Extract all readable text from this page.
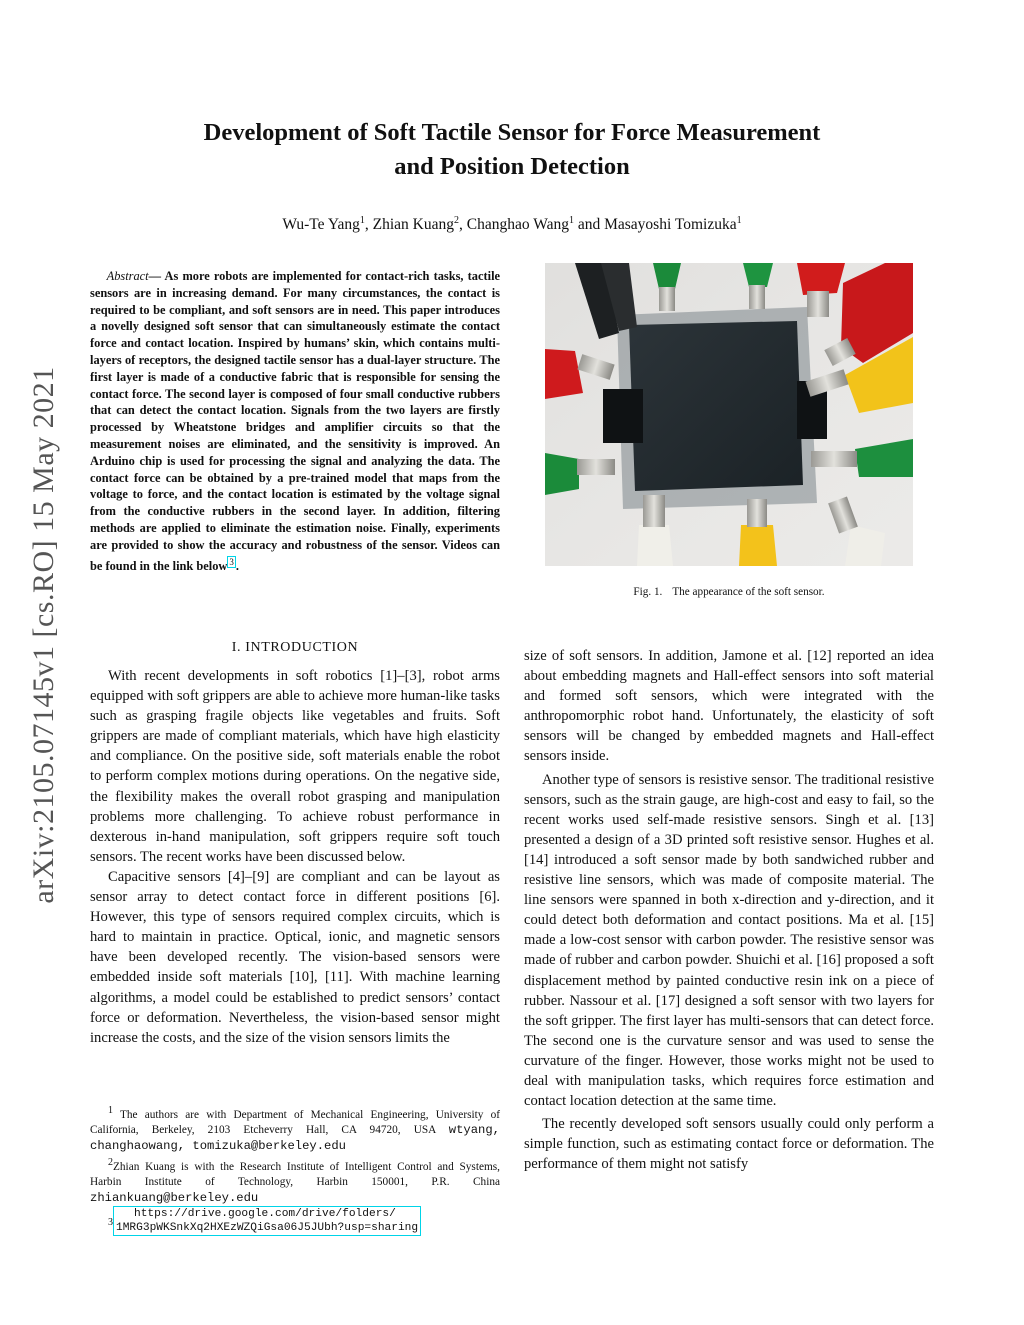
arXiv:2105.07145v1 [cs.RO] 15 May 2021
Development of Soft Tactile Sensor for Force Measurement
and Position Detection
Wu-Te Yang$^1$, Zhian Kuang$^2$, Changhao Wang$^1$ and Masayoshi Tomizuka$^1$
Abstract— As more robots are implemented for contact-rich tasks, tactile sensors are in increasing demand. For many circumstances, the contact is required to be compliant, and soft sensors are in need. This paper introduces a novelly designed soft sensor that can simultaneously estimate the contact force and contact location. Inspired by humans’ skin, which contains multi-layers of receptors, the designed tactile sensor has a dual-layer structure. The first layer is made of a conductive fabric that is responsible for sensing the contact force. The second layer is composed of four small conductive rubbers that can detect the contact location. Signals from the two layers are firstly processed by Wheatstone bridges and amplifier circuits so that the measurement noises are eliminated, and the sensitivity is improved. An Arduino chip is used for processing the signal and analyzing the data. The contact force can be obtained by a pre-trained model that maps from the voltage to force, and the contact location is estimated by the voltage signal from the conductive rubbers in the second layer. In addition, filtering methods are applied to eliminate the estimation noise. Finally, experiments are provided to show the accuracy and robustness of the sensor. Videos can be found in the link below $^3$ .
Fig. 1. The appearance of the soft sensor.
I. INTRODUCTION

With recent developments in soft robotics [1]–[3], robot arms equipped with soft grippers are able to achieve more human-like tasks such as grasping fragile objects like vegetables and fruits. Soft grippers are made of compliant materials, which have high elasticity and compliance. On the positive side, soft materials enable the robot to perform complex motions during operations. On the negative side, the flexibility makes the overall robot grasping and manipulation problems more challenging. To achieve robust performance in dexterous in-hand manipulation, soft grippers require soft touch sensors. The recent works have been discussed below.

Capacitive sensors [4]–[9] are compliant and can be layout as sensor array to detect contact force in different positions [6]. However, this type of sensors required complex circuits, which is hard to maintain in practice. Optical, ionic, and magnetic sensors have been developed recently. The vision-based sensors were embedded inside soft materials [10], [11]. With machine learning algorithms, a model could be established to predict sensors’ contact force or deformation. Nevertheless, the vision-based sensor might increase the costs, and the size of the vision sensors limits the

size of soft sensors. In addition, Jamone et al. [12] reported an idea about embedding magnets and Hall-effect sensors into soft material and formed soft sensors, which were integrated with the anthropomorphic robot hand. Unfortunately, the elasticity of soft sensors will be changed by embedded magnets and Hall-effect sensors inside.

Another type of sensors is resistive sensor. The traditional resistive sensors, such as the strain gauge, are high-cost and easy to fail, so the recent works used self-made resistive sensors. Singh et al. [13] presented a design of a 3D printed soft resistive sensor. Hughes et al. [14] introduced a soft sensor made by both sandwiched rubber and resistive line sensors, which was made of composite material. The line sensors were spanned in both x-direction and y-direction, and it could detect both deformation and contact positions. Ma et al. [15] made a low-cost sensor with carbon powder. The resistive sensor was made of rubber and carbon powder. Shuichi et al. [16] proposed a soft displacement method by painted conductive resin ink on a piece of rubber. Nassour et al. [17] designed a soft sensor with two layers for the soft gripper. The first layer has multi-sensors that can detect force. The second one is the curvature sensor and was used to sense the curvature of the finger. However, those works might not be used to deal with manipulation tasks, which requires force estimation and contact location detection at the same time.

The recently developed soft sensors usually could only perform a simple function, such as estimating contact force or deformation. The performance of them might not satisfy

$^1$ The authors are with Department of Mechanical Engineering, University of California, Berkeley, 2103 Etcheverry Hall, CA 94720, USA wtyang, changhaowang, tomizuka@berkeley.edu

$^2$Zhian Kuang is with the Research Institute of Intelligent Control and Systems, Harbin Institute of Technology, Harbin 150001, P.R. China zhiankuang@berkeley.edu

$^3$https://drive.google.com/drive/folders/
1MRG3pWKSnkXq2HXEzWZQiGsa06J5JUbh?usp=sharing
